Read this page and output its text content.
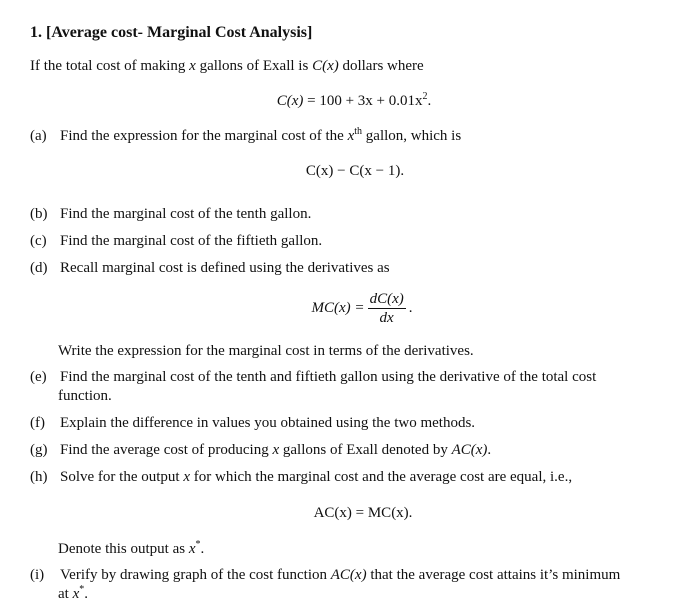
1. [Average cost- Marginal Cost Analysis]
If the total cost of making x gallons of Exall is C(x) dollars where
$C(x) = 100 + 3x + 0.01x^2$.
(a) Find the expression for the marginal cost of the $x^{th}$ gallon, which is
C(x) − C(x − 1).
(b) Find the marginal cost of the tenth gallon.
(c) Find the marginal cost of the fiftieth gallon.
(d) Recall marginal cost is defined using the derivatives as
$MC(x) = \frac{dC(x)}{dx}$ .
Write the expression for the marginal cost in terms of the derivatives.
(e) Find the marginal cost of the tenth and fiftieth gallon using the derivative of the total cost
function.
(f) Explain the difference in values you obtained using the two methods.
(g) Find the average cost of producing x gallons of Exall denoted by AC(x).
(h) Solve for the output x for which the marginal cost and the average cost are equal, i.e.,
AC(x) = MC(x).
Denote this output as x*.
(i) Verify by drawing graph of the cost function AC(x) that the average cost attains it’s minimum
at x*.
